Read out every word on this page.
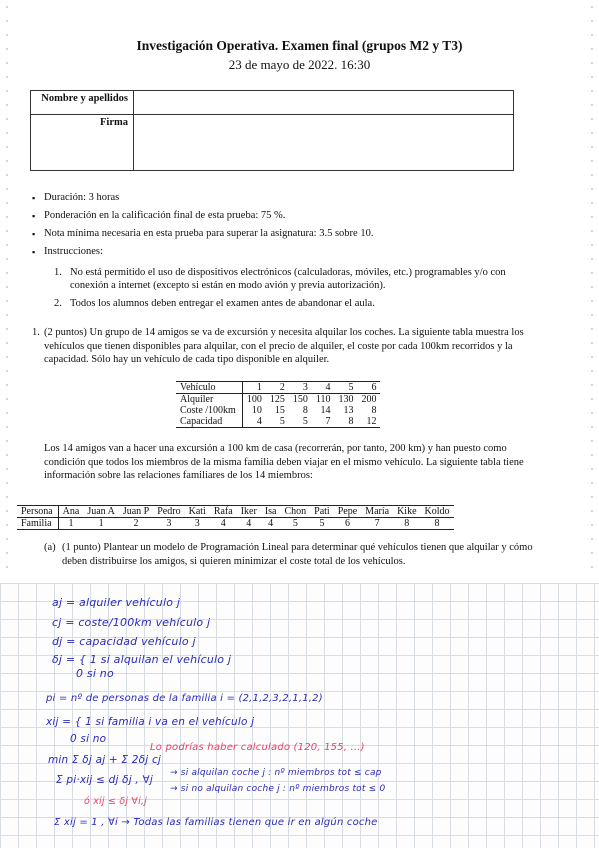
Investigación Operativa. Examen final (grupos M2 y T3)
23 de mayo de 2022. 16:30
Nombre y apellidos	
Firma	
▪ Duración: 3 horas
▪ Ponderación en la calificación final de esta prueba: 75 %.
▪ Nota mínima necesaria en esta prueba para superar la asignatura: 3.5 sobre 10.
▪ Instrucciones:
1. No está permitido el uso de dispositivos electrónicos (calculadoras, móviles, etc.) programables y/o con conexión a internet (excepto si están en modo avión y previa autorización).
2. Todos los alumnos deben entregar el examen antes de abandonar el aula.
1. (2 puntos) Un grupo de 14 amigos se va de excursión y necesita alquilar los coches. La siguiente tabla muestra los vehículos que tienen disponibles para alquilar, con el precio de alquiler, el coste por cada 100km recorridos y la capacidad. Sólo hay un vehículo de cada tipo disponible en alquiler.
Vehículo	1	2	3	4	5	6
Alquiler	100	125	150	110	130	200
Coste /100km	10	15	8	14	13	8
Capacidad	4	5	5	7	8	12
Los 14 amigos van a hacer una excursión a 100 km de casa (recorrerán, por tanto, 200 km) y han puesto como condición que todos los miembros de la misma familia deben viajar en el mismo vehículo. La siguiente tabla tiene información sobre las relaciones familiares de los 14 miembros:
Persona	Ana	Juan A	Juan P	Pedro	Kati	Rafa	Iker	Isa	Chon	Pati	Pepe	María	Kike	Koldo
Familia	1	1	2	3	3	4	4	4	5	5	6	7	8	8
(a) (1 punto) Plantear un modelo de Programación Lineal para determinar qué vehículos tienen que alquilar y cómo deben distribuirse los amigos, si quieren minimizar el coste total de los vehículos.
aj = alquiler vehículo j
cj = coste/100km vehículo j
dj = capacidad vehículo j
δj = { 1 si alquilan el vehículo j
0 si no
pi = nº de personas de la familia i = (2,1,2,3,2,1,1,2)
xij = { 1 si familia i va en el vehículo j
0 si no
Lo podrías haber calculado (120, 155, ...)
min Σ δj aj + Σ 2δj cj
Σ pi·xij ≤ dj δj , ∀j
→ si alquilan coche j : nº miembros tot ≤ cap
→ si no alquilan coche j : nº miembros tot ≤ 0
ó xij ≤ δj ∀i,j
Σ xij = 1 , ∀i → Todas las familias tienen que ir en algún coche
